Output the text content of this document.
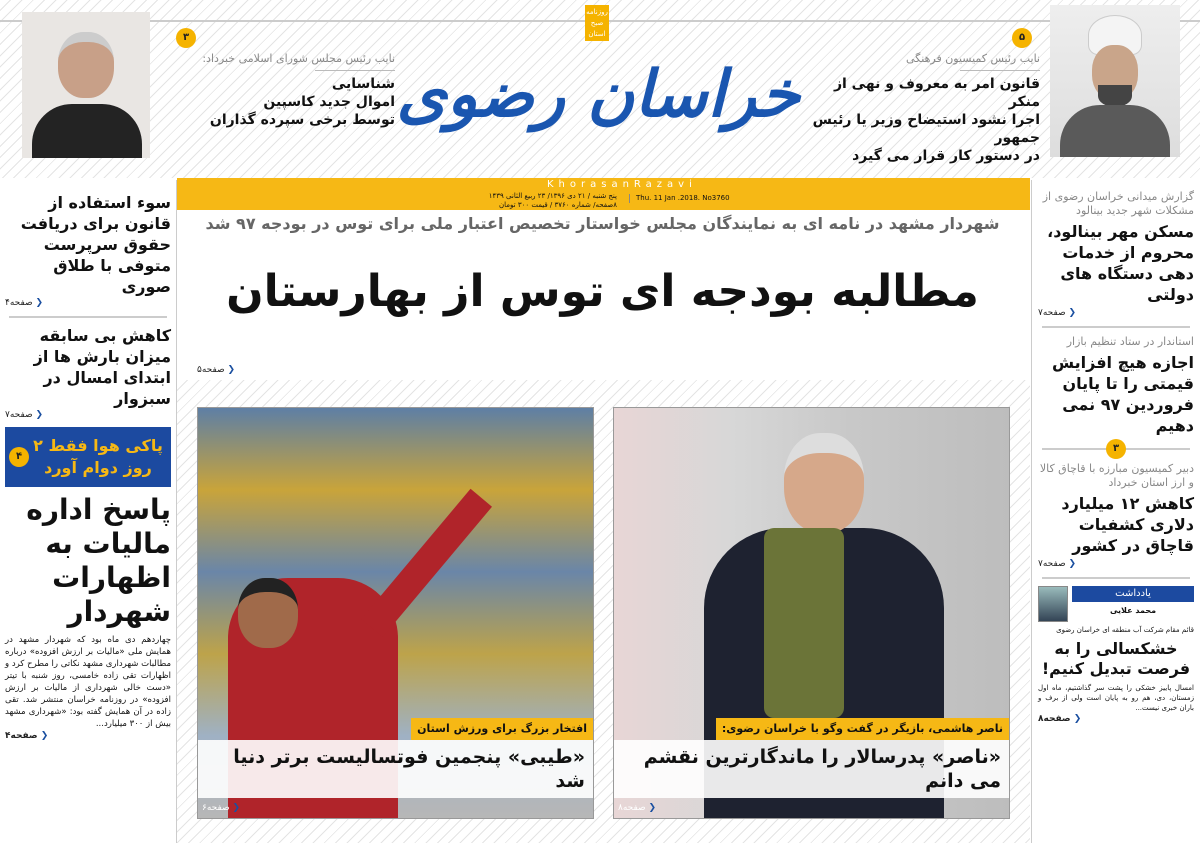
۵
نایب رئیس کمیسیون فرهنگی
قانون امر به معروف و نهی از منکر
اجرا نشود استیضاح وزیر یا رئیس جمهور
در دستور کار قرار می گیرد
۳
نایب رئیس مجلس شورای اسلامی خبرداد:
شناسایی
اموال جدید کاسپین
توسط برخی سپرده گذاران خراسان رضوی
روزنامه صبح استان
KhorasanRazavi
پنج شنبه / ۲۱ دی ۱۳۹۶/ ۲۳ ربیع الثانی ۱۴۳۹
۸صفحه/ شماره ۳۷۶۰ / قیمت ۳۰۰ تومان
Thu. 11 Jan .2018. No3760
شهردار مشهد در نامه ای به نمایندگان مجلس خواستار تخصیص اعتبار ملی برای توس در بودجه ۹۷ شد
مطالبه بودجه ای توس از بهارستان
❮ صفحه۵
افتخار بزرگ برای ورزش استان
«طیبی» پنجمین فوتسالیست برتر دنیا شد
❮ صفحه۶
ناصر هاشمی، بازیگر در گفت وگو با خراسان رضوی:
«ناصر» پدرسالار را ماندگارترین نقشم می دانم
❮ صفحه۸
سوء استفاده از قانون برای دریافت حقوق سرپرست متوفی با طلاق صوری
❮ صفحه۴
کاهش بی سابقه میزان بارش ها از ابتدای امسال در سبزوار
❮ صفحه۷
پاکی هوا فقط ۲ روز دوام آورد
۴
پاسخ اداره مالیات به اظهارات شهردار
چهاردهم دی ماه بود که شهردار مشهد در همایش ملی «مالیات بر ارزش افزوده» درباره مطالبات شهرداری مشهد نکاتی را مطرح کرد و اظهارات تقی زاده خامسی، روز شنبه با تیتر «دست خالی شهرداری از مالیات بر ارزش افزوده» در روزنامه خراسان منتشر شد. تقی زاده در آن همایش گفته بود: «شهرداری مشهد بیش از ۳۰۰ میلیارد...
❮ صفحه۴
گزارش میدانی خراسان رضوی از مشکلات شهر جدید بینالود
مسکن مهر بینالود، محروم از خدمات دهی دستگاه های دولتی
❮ صفحه۷
استاندار در ستاد تنظیم بازار
اجازه هیچ افزایش قیمتی را تا پایان فروردین ۹۷ نمی دهیم
۳
دبیر کمیسیون مبارزه با قاچاق کالا و ارز استان خبرداد
کاهش ۱۲ میلیارد دلاری کشفیات قاچاق در کشور
❮ صفحه۷
یادداشت
محمد علایی
قائم مقام شرکت آب منطقه ای خراسان رضوی
خشکسالی را به فرصت تبدیل کنیم!
امسال پاییز خشکی را پشت سر گذاشتیم، ماه اول زمستان، دی، هم رو به پایان است ولی از برف و باران خبری نیست...
❮ صفحه۸
